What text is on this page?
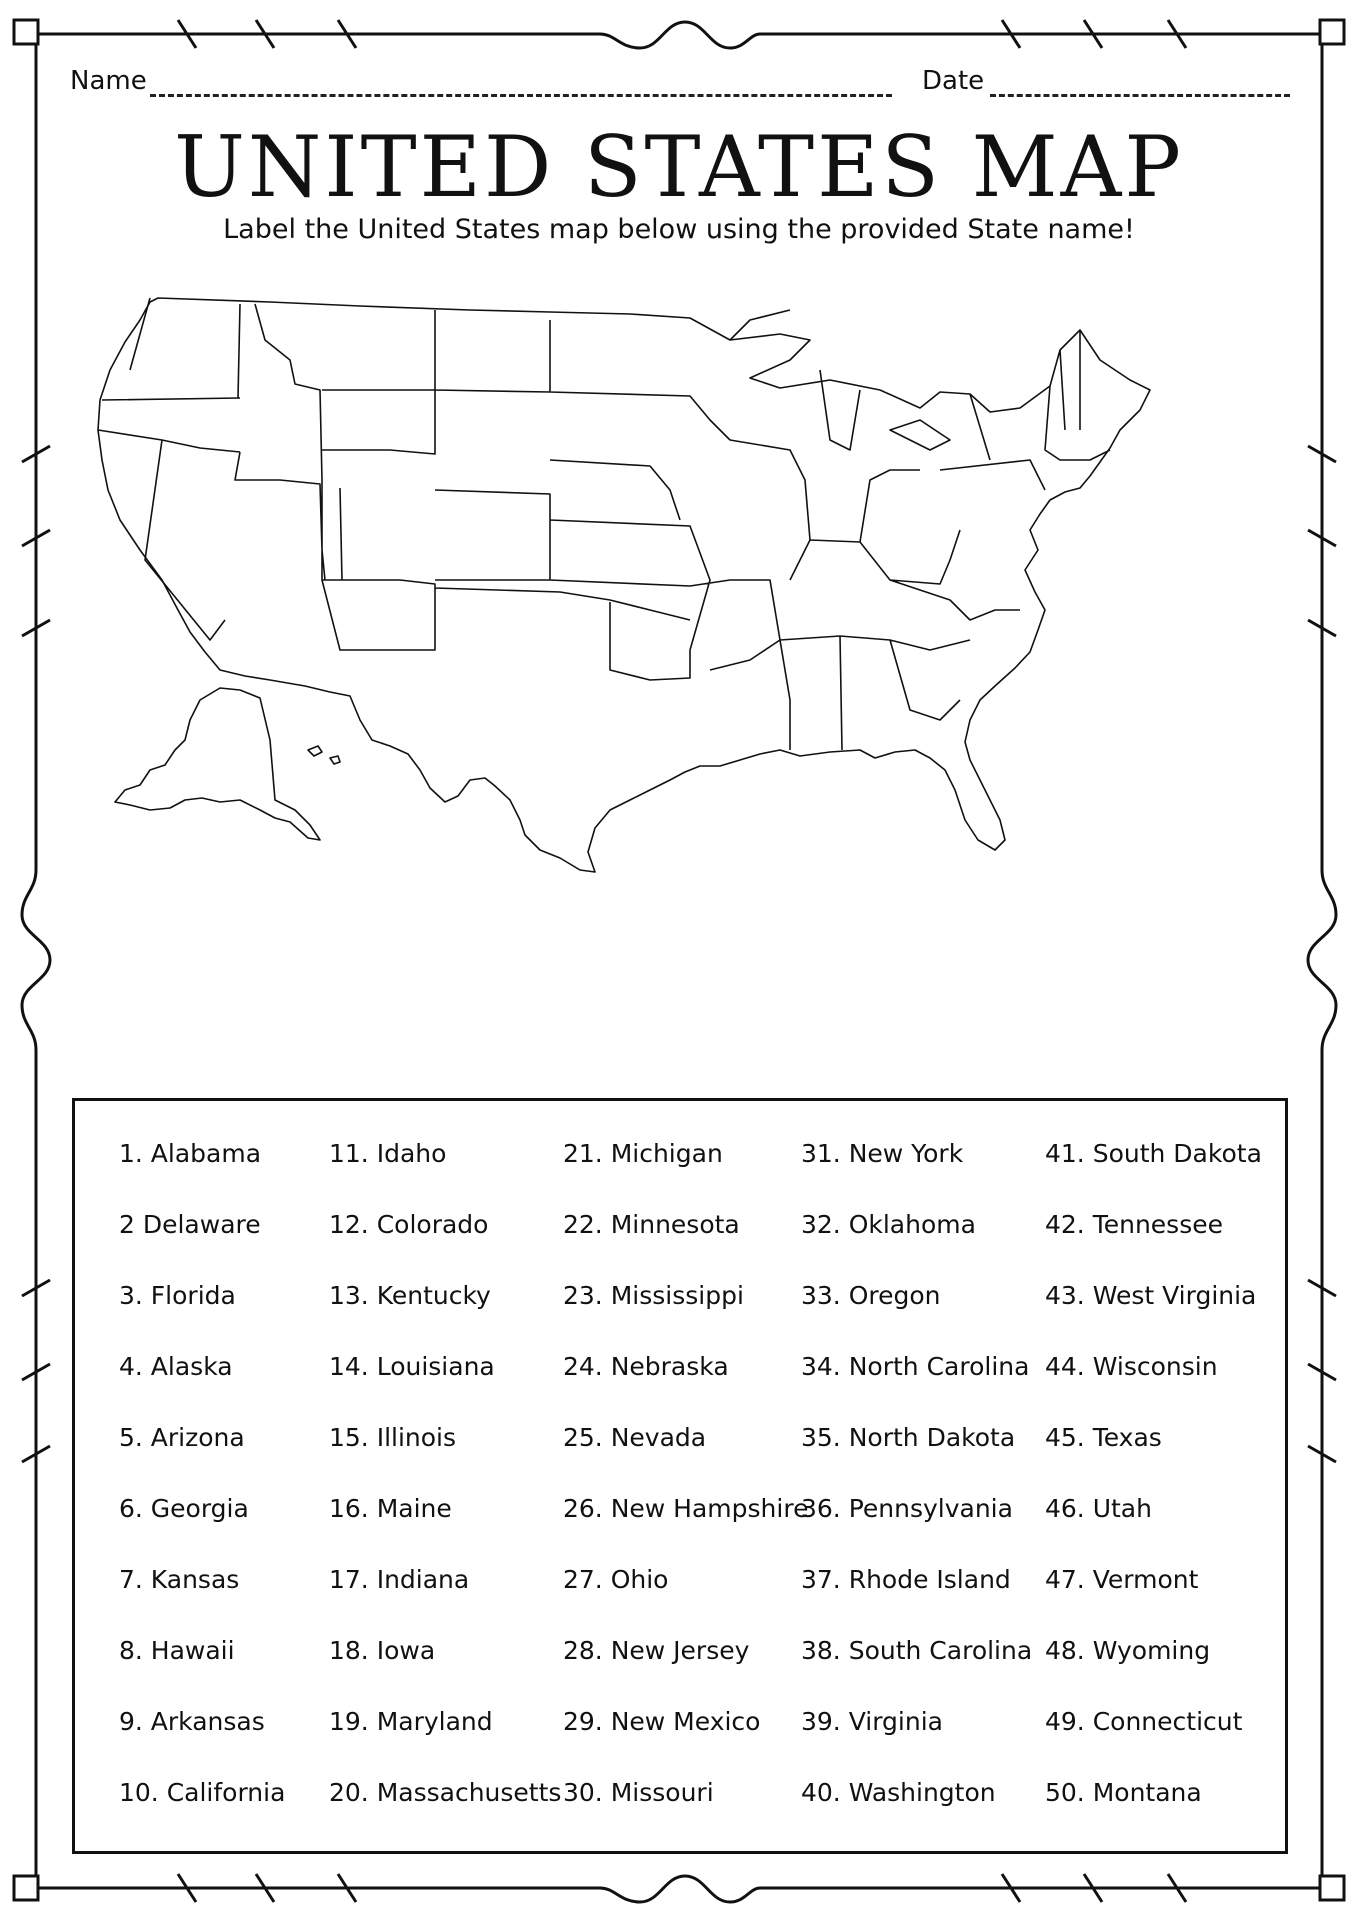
Name	Date
UNITED STATES MAP
Label the United States map below using the provided State name!
1. Alabama
2 Delaware
3. Florida
4. Alaska
5. Arizona
6. Georgia
7. Kansas
8. Hawaii
9. Arkansas
10. California
11. Idaho
12. Colorado
13. Kentucky
14. Louisiana
15. Illinois
16. Maine
17. Indiana
18. Iowa
19. Maryland
20. Massachusetts
21. Michigan
22. Minnesota
23. Mississippi
24. Nebraska
25. Nevada
26. New Hampshire
27. Ohio
28. New Jersey
29. New Mexico
30. Missouri
31. New York
32. Oklahoma
33. Oregon
34. North Carolina
35. North Dakota
36. Pennsylvania
37. Rhode Island
38. South Carolina
39. Virginia
40. Washington
41. South Dakota
42. Tennessee
43. West Virginia
44. Wisconsin
45. Texas
46. Utah
47. Vermont
48. Wyoming
49. Connecticut
50. Montana
